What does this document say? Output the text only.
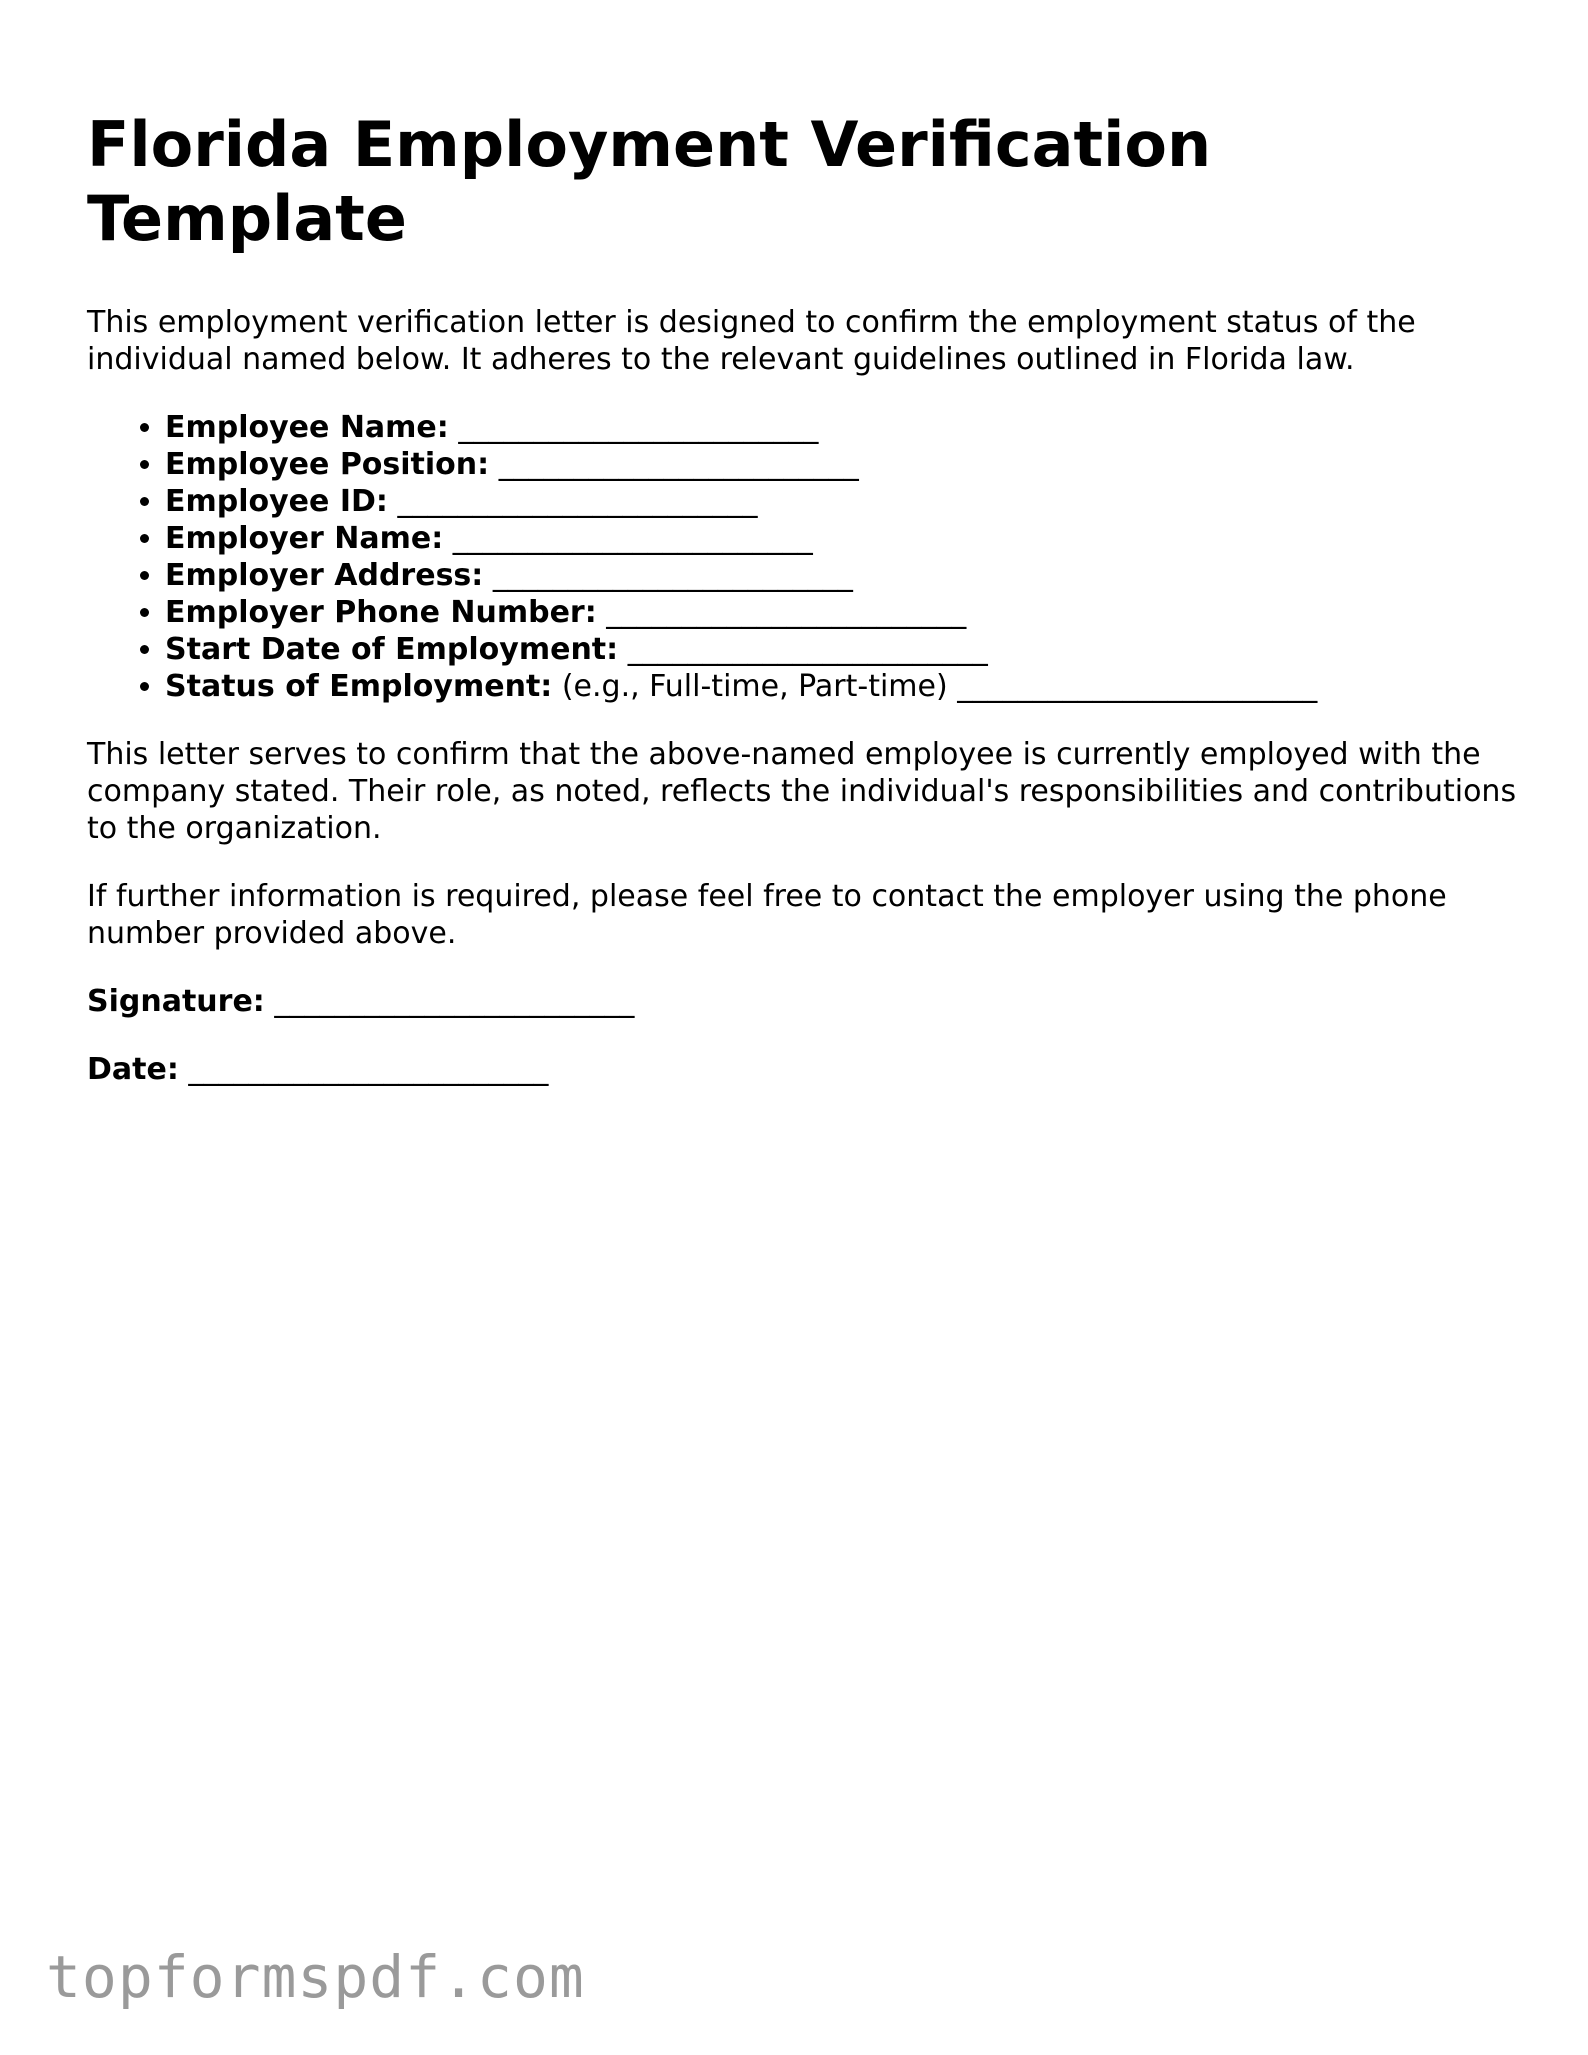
Florida Employment Verification Template

This employment verification letter is designed to confirm the employment status of the individual named below. It adheres to the relevant guidelines outlined in Florida law.

• Employee Name: ________________________
• Employee Position: ________________________
• Employee ID: ________________________
• Employer Name: ________________________
• Employer Address: ________________________
• Employer Phone Number: ________________________
• Start Date of Employment: ________________________
• Status of Employment: (e.g., Full-time, Part-time) ________________________

This letter serves to confirm that the above-named employee is currently employed with the company stated. Their role, as noted, reflects the individual's responsibilities and contributions to the organization.

If further information is required, please feel free to contact the employer using the phone number provided above.

Signature: ________________________
Date: ________________________
topformspdf.com
